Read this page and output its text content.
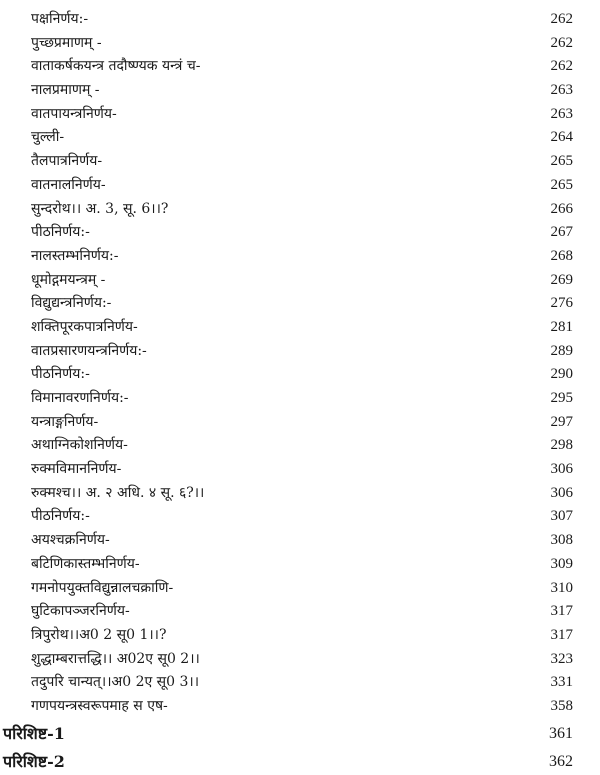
पक्षनिर्णय:-	262
पुच्छप्रमाणम् -	262
वाताकर्षकयन्त्र तदौष्ण्यक यन्त्रं च-	262
नालप्रमाणम् -	263
वातपायन्त्रनिर्णय-	263
चुल्ली-	264
तैलपात्रनिर्णय-	265
वातनालनिर्णय-	265
सुन्दरोथ।। अ. 3, सू. 6।।?	266
पीठनिर्णय:-	267
नालस्तम्भनिर्णय:-	268
धूमोद्गमयन्त्रम् -	269
विद्युद्यन्त्रनिर्णय:-	276
शक्तिपूरकपात्रनिर्णय-	281
वातप्रसारणयन्त्रनिर्णय:-	289
पीठनिर्णय:-	290
विमानावरणनिर्णय:-	295
यन्त्राङ्गनिर्णय-	297
अथाग्निकोशनिर्णय-	298
रुक्मविमाननिर्णय-	306
रुक्मश्च।। अ. २ अधि. ४ सू. ६?।।	306
पीठनिर्णय:-	307
अयश्चक्रनिर्णय-	308
बटिणिकास्तम्भनिर्णय-	309
गमनोपयुक्तविद्युन्नालचक्राणि-	310
घुटिकापञ्जरनिर्णय-	317
त्रिपुरोथ।।अ0 2 सू0 1।।?	317
शुद्धाम्बरात्तद्धि।। अ02ए सू0 2।।	323
तदुपरि चान्यत्।।अ0 2ए सू0 3।।	331
गणपयन्त्रस्वरूपमाह स एष-	358
परिशिष्ट-1	361
परिशिष्ट-2	362
